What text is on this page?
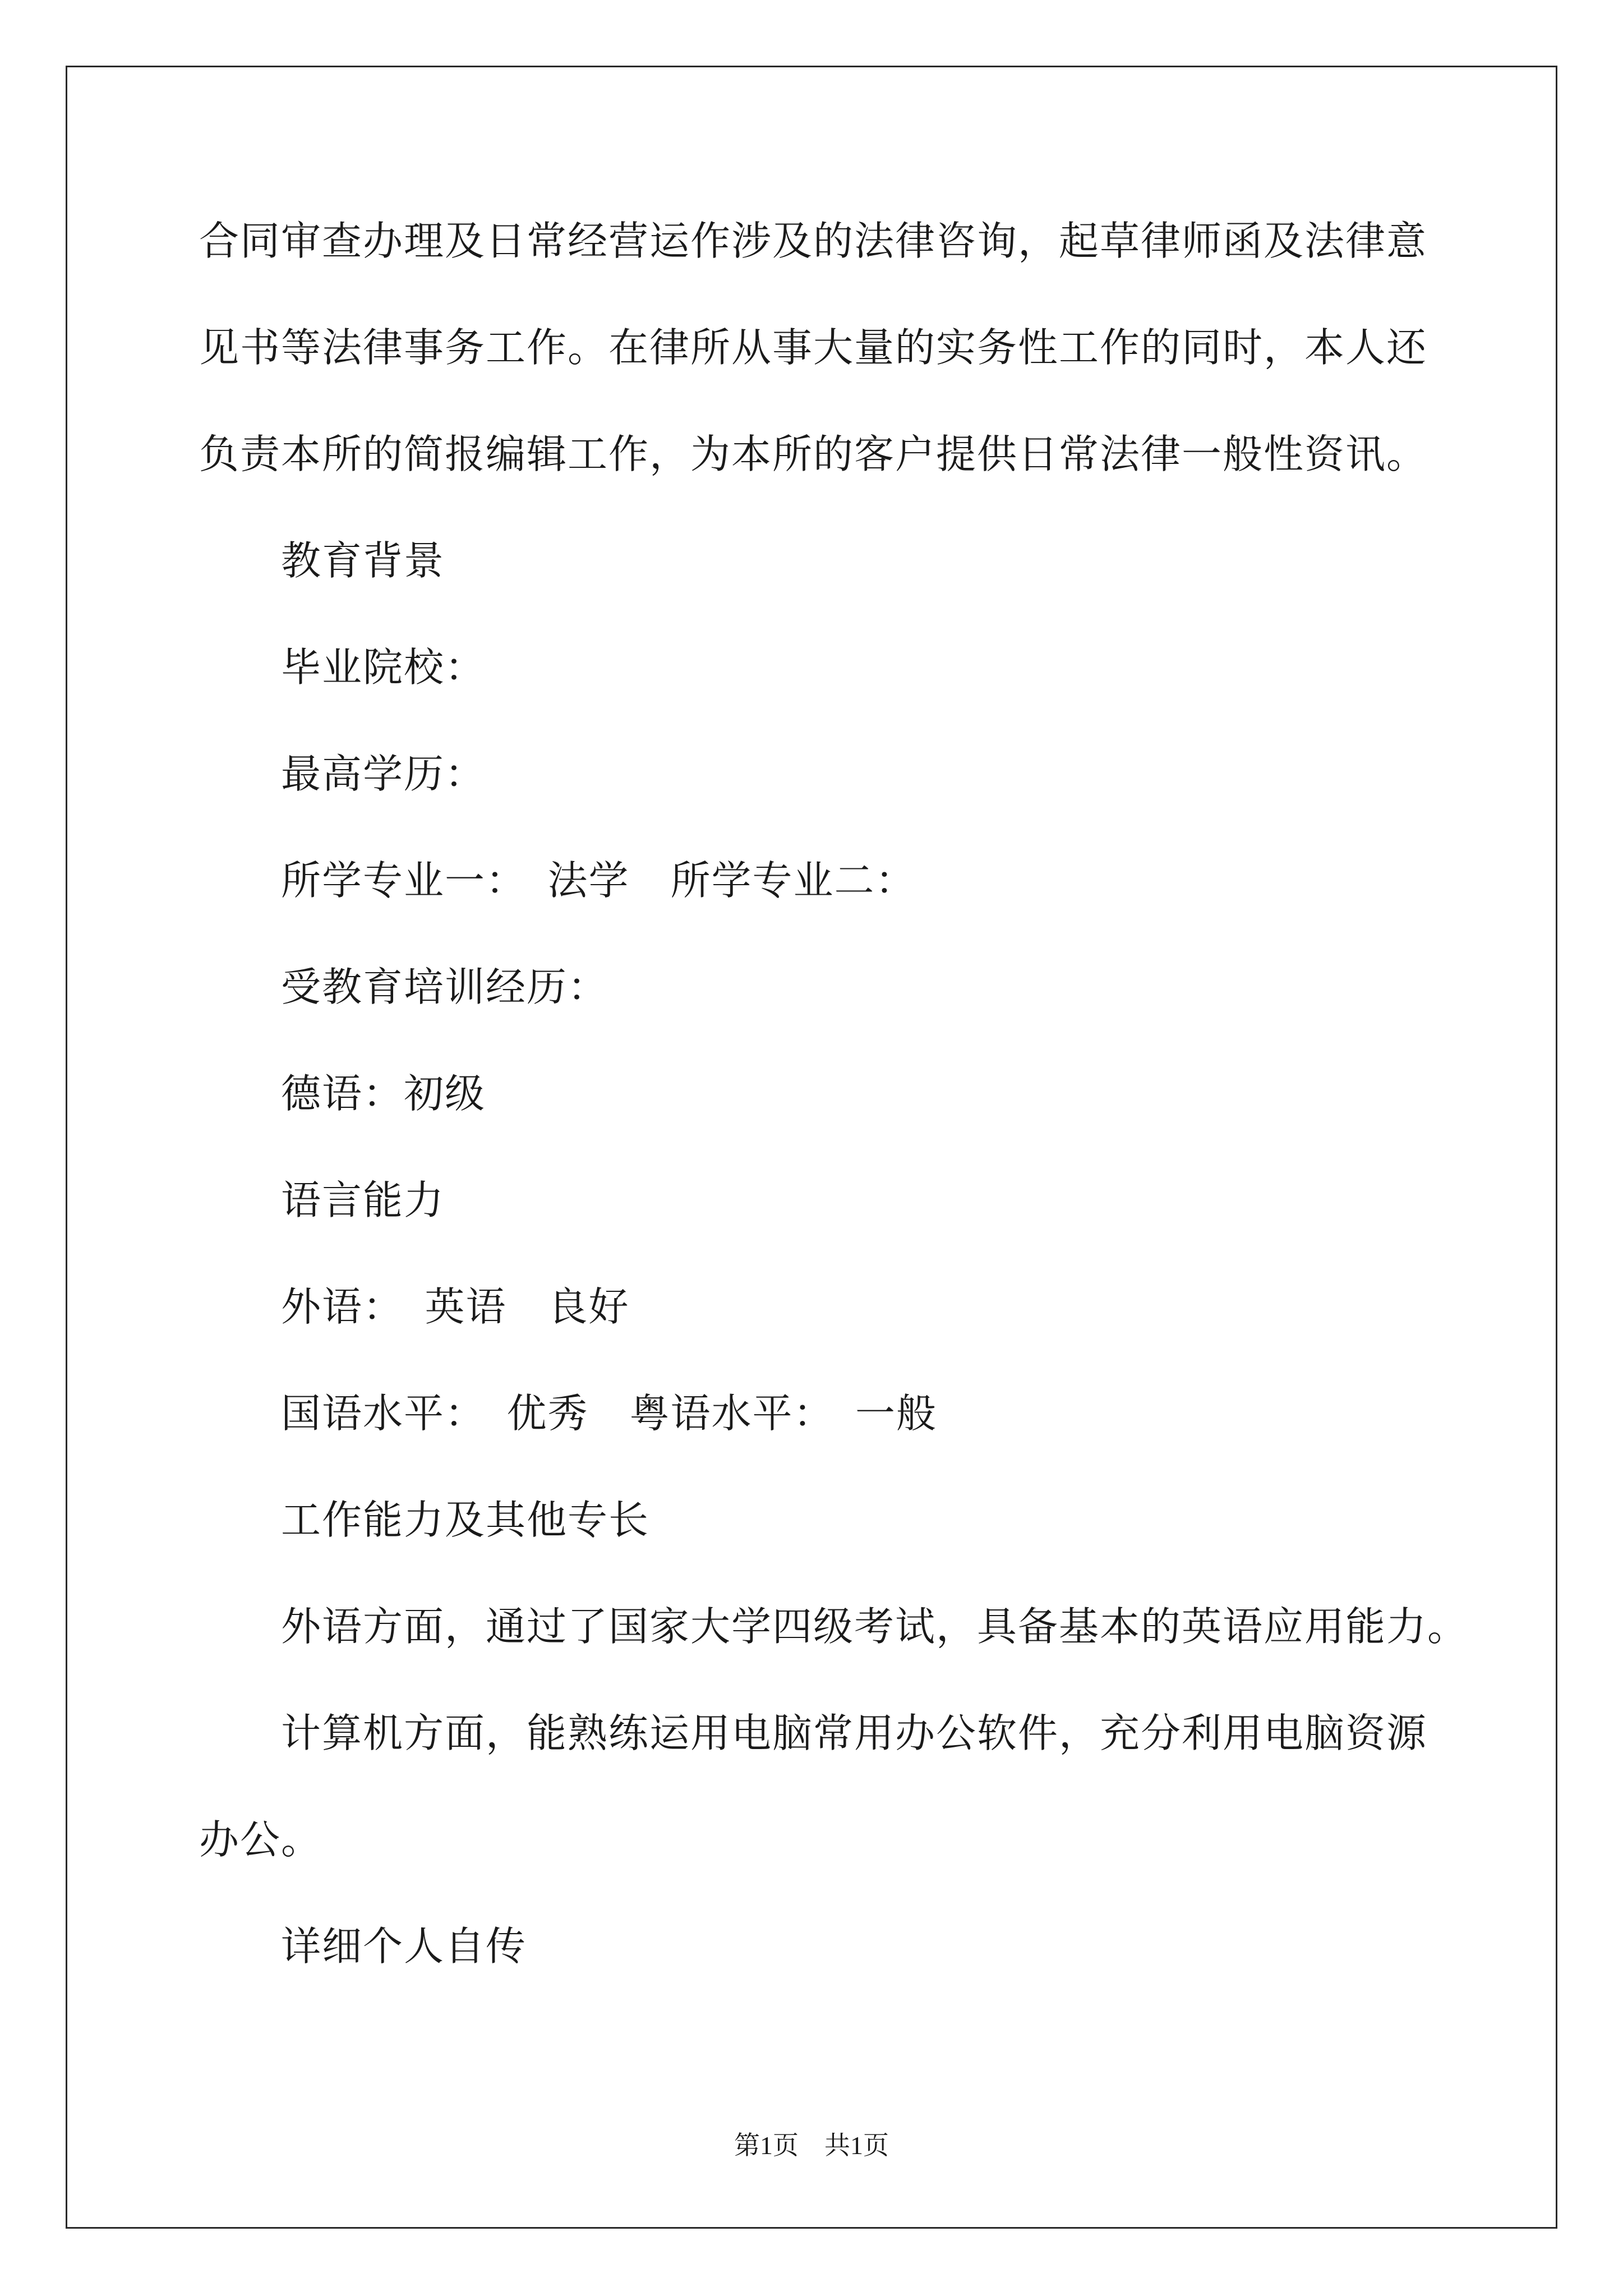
合同审查办理及日常经营运作涉及的法律咨询，起草律师函及法律意
见书等法律事务工作。在律所从事大量的实务性工作的同时，本人还
负责本所的简报编辑工作，为本所的客户提供日常法律一般性资讯。
教育背景
毕业院校：
最高学历：
所学专业一：　法学　所学专业二：
受教育培训经历：
德语：初级
语言能力
外语：　英语　良好
国语水平：　优秀　粤语水平：　一般
工作能力及其他专长
外语方面，通过了国家大学四级考试，具备基本的英语应用能力。
计算机方面，能熟练运用电脑常用办公软件，充分利用电脑资源
办公。
详细个人自传
第1页 共1页
